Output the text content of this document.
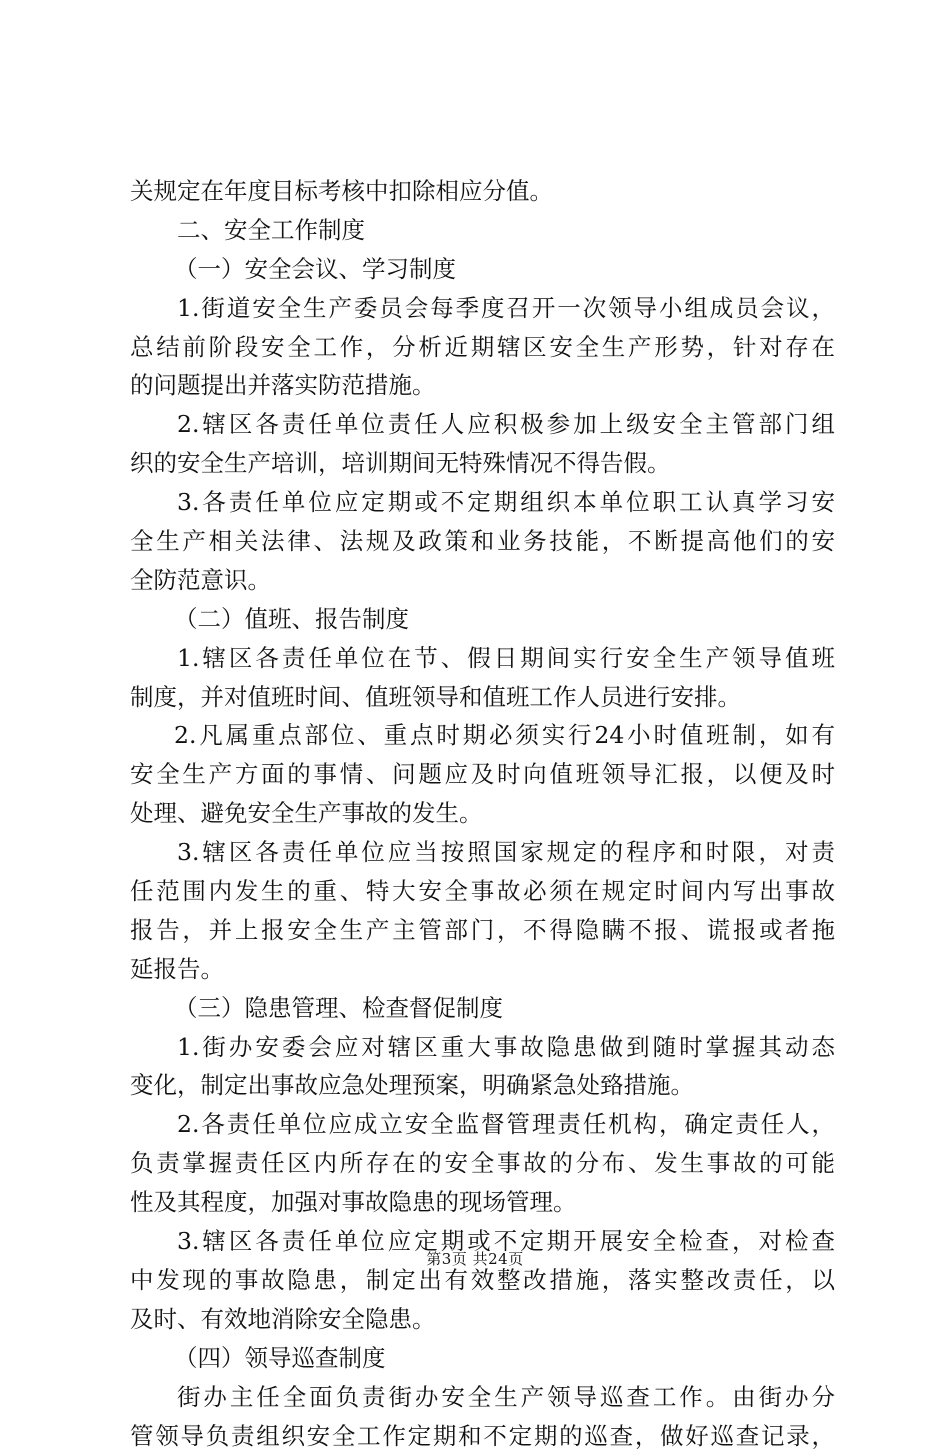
关规定在年度目标考核中扣除相应分值。
二、安全工作制度
（一）安全会议、学习制度
1.街道安全生产委员会每季度召开一次领导小组成员会议，
总结前阶段安全工作，分析近期辖区安全生产形势，针对存在
的问题提出并落实防范措施。
2.辖区各责任单位责任人应积极参加上级安全主管部门组
织的安全生产培训，培训期间无特殊情况不得告假。
3.各责任单位应定期或不定期组织本单位职工认真学习安
全生产相关法律、法规及政策和业务技能，不断提高他们的安
全防范意识。
（二）值班、报告制度
1.辖区各责任单位在节、假日期间实行安全生产领导值班
制度，并对值班时间、值班领导和值班工作人员进行安排。
2.凡属重点部位、重点时期必须实行24小时值班制，如有
安全生产方面的事情、问题应及时向值班领导汇报，以便及时
处理、避免安全生产事故的发生。
3.辖区各责任单位应当按照国家规定的程序和时限，对责
任范围内发生的重、特大安全事故必须在规定时间内写出事故
报告，并上报安全生产主管部门，不得隐瞒不报、谎报或者拖
延报告。
（三）隐患管理、检查督促制度
1.街办安委会应对辖区重大事故隐患做到随时掌握其动态
变化，制定出事故应急处理预案，明确紧急处臵措施。
2.各责任单位应成立安全监督管理责任机构，确定责任人，
负责掌握责任区内所存在的安全事故的分布、发生事故的可能
性及其程度，加强对事故隐患的现场管理。
3.辖区各责任单位应定期或不定期开展安全检查，对检查
中发现的事故隐患，制定出有效整改措施，落实整改责任，以
及时、有效地消除安全隐患。
（四）领导巡查制度
街办主任全面负责街办安全生产领导巡查工作。由街办分
管领导负责组织安全工作定期和不定期的巡查，做好巡查记录，
第3页 共24页
